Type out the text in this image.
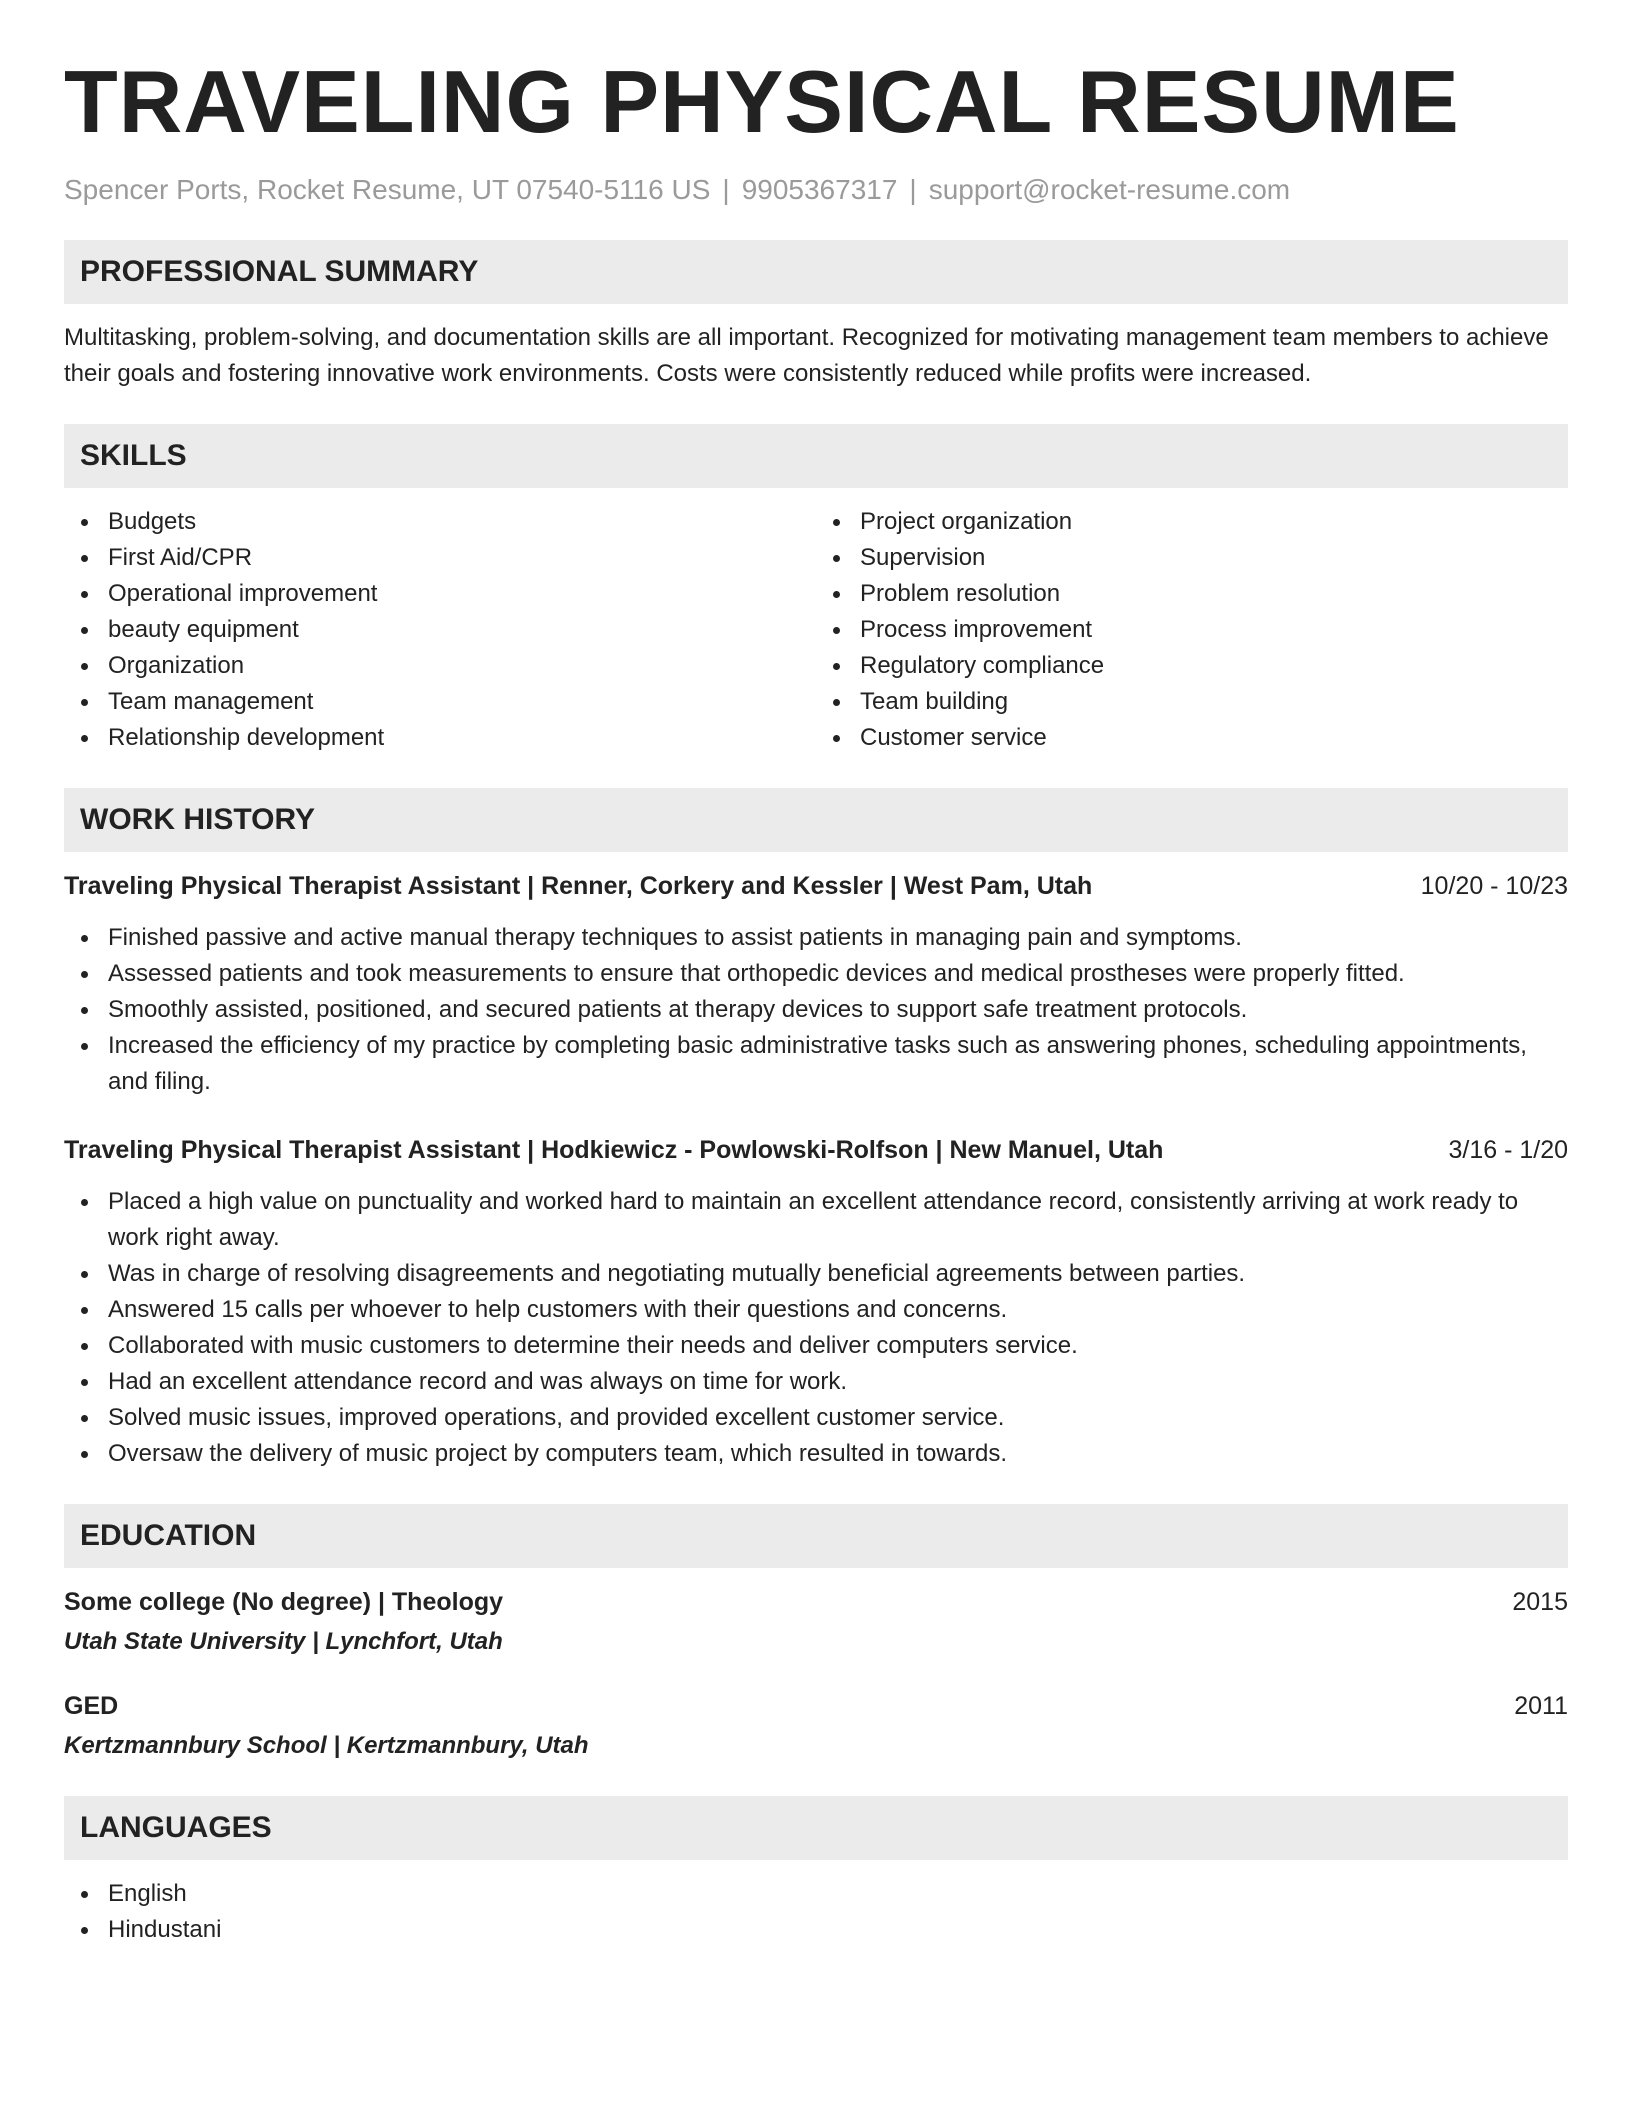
TRAVELING PHYSICAL RESUME
Spencer Ports, Rocket Resume, UT 07540-5116 US | 9905367317 | support@rocket-resume.com
PROFESSIONAL SUMMARY

Multitasking, problem-solving, and documentation skills are all important. Recognized for motivating management team members to achieve their goals and fostering innovative work environments. Costs were consistently reduced while profits were increased.

SKILLS
Budgets
First Aid/CPR
Operational improvement
beauty equipment
Organization
Team management
Relationship development
Project organization
Supervision
Problem resolution
Process improvement
Regulatory compliance
Team building
Customer service
WORK HISTORY
Traveling Physical Therapist Assistant | Renner, Corkery and Kessler | West Pam, Utah	10/20 - 10/23
Finished passive and active manual therapy techniques to assist patients in managing pain and symptoms.
Assessed patients and took measurements to ensure that orthopedic devices and medical prostheses were properly fitted.
Smoothly assisted, positioned, and secured patients at therapy devices to support safe treatment protocols.
Increased the efficiency of my practice by completing basic administrative tasks such as answering phones, scheduling appointments, and filing.
Traveling Physical Therapist Assistant | Hodkiewicz - Powlowski-Rolfson | New Manuel, Utah	3/16 - 1/20
Placed a high value on punctuality and worked hard to maintain an excellent attendance record, consistently arriving at work ready to work right away.
Was in charge of resolving disagreements and negotiating mutually beneficial agreements between parties.
Answered 15 calls per whoever to help customers with their questions and concerns.
Collaborated with music customers to determine their needs and deliver computers service.
Had an excellent attendance record and was always on time for work.
Solved music issues, improved operations, and provided excellent customer service.
Oversaw the delivery of music project by computers team, which resulted in towards.
EDUCATION
Some college (No degree) | Theology	2015
Utah State University | Lynchfort, Utah
GED	2011
Kertzmannbury School | Kertzmannbury, Utah
LANGUAGES
English
Hindustani
